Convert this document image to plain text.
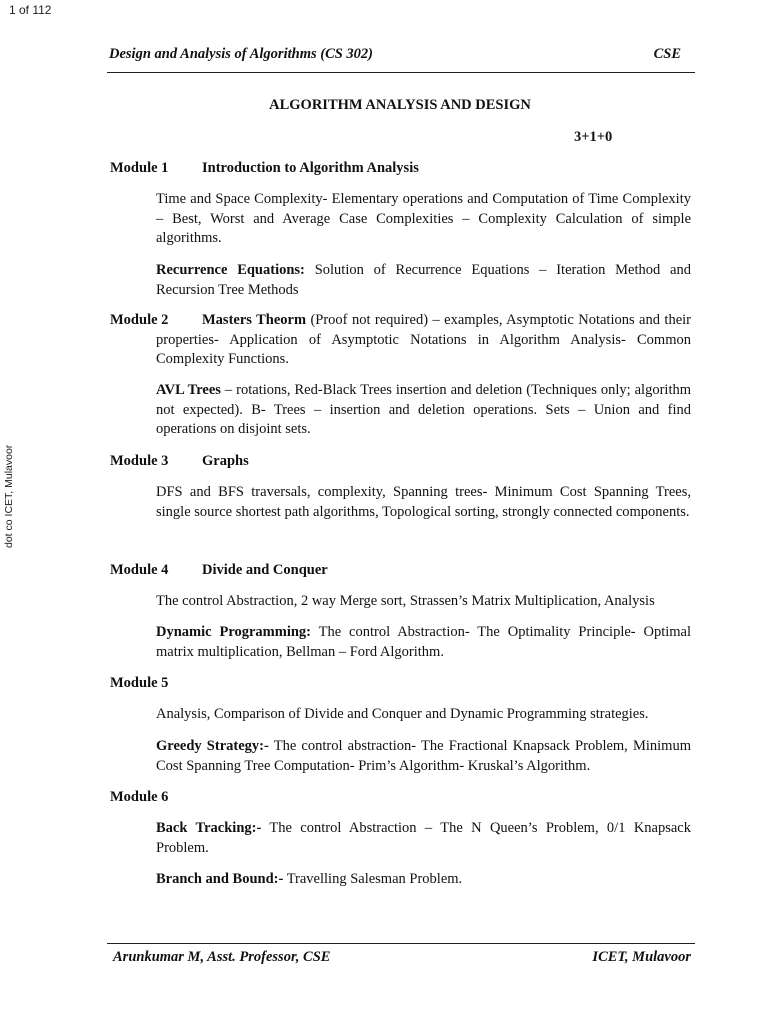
1 of 112
dot co ICET, Mulavoor
Design and Analysis of Algorithms (CS 302)	CSE
ALGORITHM ANALYSIS AND DESIGN
3+1+0
Module 1 Introduction to Algorithm Analysis
Time and Space Complexity- Elementary operations and Computation of Time Complexity – Best, Worst and Average Case Complexities – Complexity Calculation of simple algorithms.
Recurrence Equations: Solution of Recurrence Equations – Iteration Method and Recursion Tree Methods
Module 2	Masters Theorm (Proof not required) – examples, Asymptotic Notations and their properties- Application of Asymptotic Notations in Algorithm Analysis- Common Complexity Functions.
AVL Trees – rotations, Red-Black Trees insertion and deletion (Techniques only; algorithm not expected). B- Trees – insertion and deletion operations. Sets – Union and find operations on disjoint sets.
Module 3 Graphs
DFS and BFS traversals, complexity, Spanning trees- Minimum Cost Spanning Trees, single source shortest path algorithms, Topological sorting, strongly connected components.
Module 4 Divide and Conquer
The control Abstraction, 2 way Merge sort, Strassen’s Matrix Multiplication, Analysis
Dynamic Programming: The control Abstraction- The Optimality Principle- Optimal matrix multiplication, Bellman – Ford Algorithm.
Module 5
Analysis, Comparison of Divide and Conquer and Dynamic Programming strategies.
Greedy Strategy:- The control abstraction- The Fractional Knapsack Problem, Minimum Cost Spanning Tree Computation- Prim’s Algorithm- Kruskal’s Algorithm.
Module 6
Back Tracking:- The control Abstraction – The N Queen’s Problem, 0/1 Knapsack Problem.
Branch and Bound:- Travelling Salesman Problem.
Arunkumar M, Asst. Professor, CSE	ICET, Mulavoor
